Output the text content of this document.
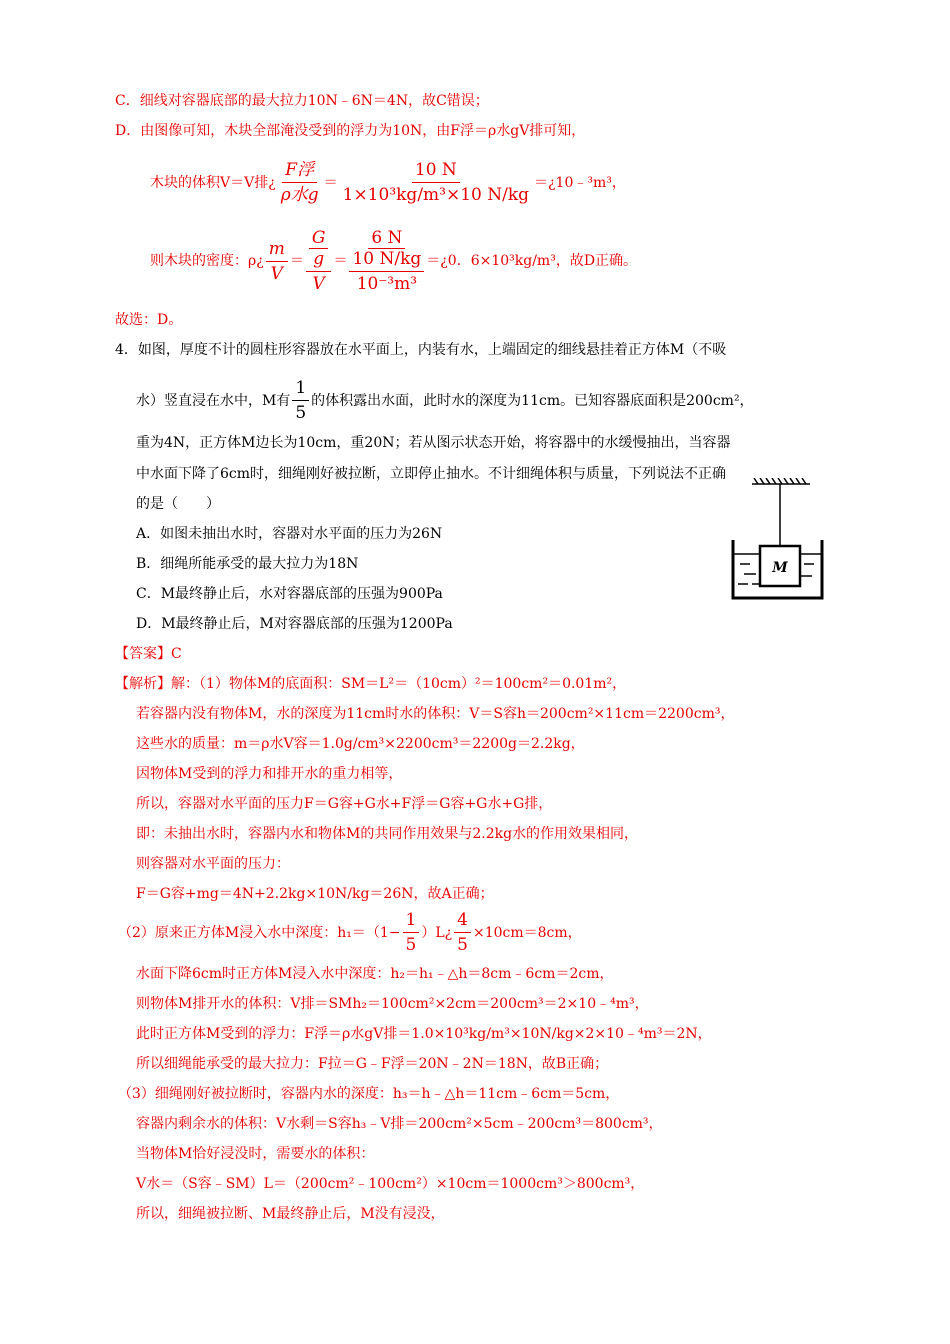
C．细线对容器底部的最大拉力10N﹣6N＝4N，故C错误；
D．由图像可知，木块全部淹没受到的浮力为10N，由F浮＝ρ水gV排可知，
木块的体积V＝V排¿ $\frac{\text{F浮}}{\text{ρ水g}} = \frac{10 N}{\text{1×10³kg/m³×10 N/kg}}$ ＝¿10﹣³m³，
则木块的密度：ρ¿ $\frac{m}{V} = G$
g
V ＝ 6 N
10 N/kg
10⁻³m³ ＝¿0．6×10³kg/m³，故D正确。
故选：D。
4．如图，厚度不计的圆柱形容器放在水平面上，内装有水，上端固定的细线悬挂着正方体M（不吸
水）竖直浸在水中，M有 $\frac{1}{5}$ 的体积露出水面，此时水的深度为11cm。已知容器底面积是200cm²，
重为4N，正方体M边长为10cm，重20N；若从图示状态开始，将容器中的水缓慢抽出，当容器
中水面下降了6cm时，细绳刚好被拉断，立即停止抽水。不计细绳体积与质量，下列说法不正确
的是（　　）
A．如图未抽出水时，容器对水平面的压力为26N
B．细绳所能承受的最大拉力为18N
C．M最终静止后，水对容器底部的压强为900Pa
D．M最终静止后，M对容器底部的压强为1200Pa
M
【答案】C
【解析】解：（1）物体M的底面积：SM＝L²＝（10cm）²＝100cm²＝0.01m²，
若容器内没有物体M，水的深度为11cm时水的体积：V＝S容h＝200cm²×11cm＝2200cm³，
这些水的质量：m＝ρ水V容＝1.0g/cm³×2200cm³＝2200g＝2.2kg，
因物体M受到的浮力和排开水的重力相等，
所以，容器对水平面的压力F＝G容+G水+F浮＝G容+G水+G排，
即：未抽出水时，容器内水和物体M的共同作用效果与2.2kg水的作用效果相同，
则容器对水平面的压力：
F＝G容+mg＝4N+2.2kg×10N/kg＝26N，故A正确；
（2）原来正方体M浸入水中深度：$h_1=(1- \frac{1}{5}$ ）L¿ $\frac{4}{5} \times 10cm=8cm$，
水面下降6cm时正方体M浸入水中深度：h₂＝h₁﹣△h＝8cm﹣6cm＝2cm，
则物体M排开水的体积：V排＝SMh₂＝100cm²×2cm＝200cm³＝2×10﹣⁴m³，
此时正方体M受到的浮力：F浮＝ρ水gV排＝1.0×10³kg/m³×10N/kg×2×10﹣⁴m³＝2N，
所以细绳能承受的最大拉力：F拉＝G﹣F浮＝20N﹣2N＝18N，故B正确；
（3）细绳刚好被拉断时，容器内水的深度：h₃＝h﹣△h＝11cm﹣6cm＝5cm，
容器内剩余水的体积：V水剩＝S容h₃﹣V排＝200cm²×5cm﹣200cm³＝800cm³，
当物体M恰好浸没时，需要水的体积：
V水＝（S容﹣SM）L＝（200cm²﹣100cm²）×10cm＝1000cm³＞800cm³，
所以，细绳被拉断、M最终静止后，M没有浸没，
